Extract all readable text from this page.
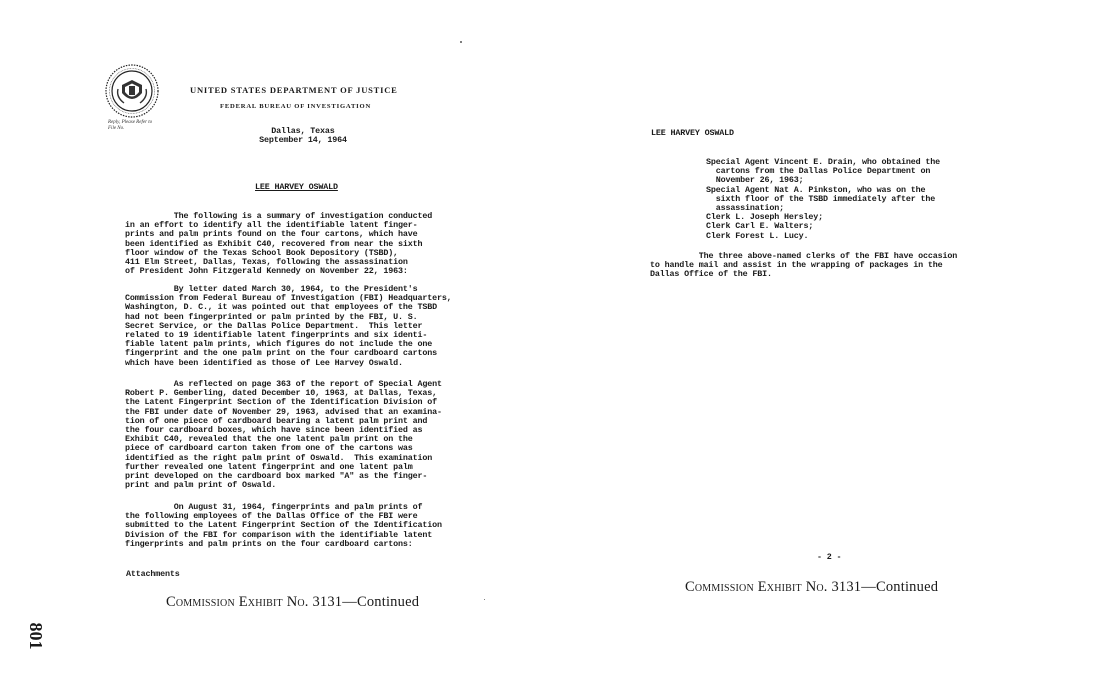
UNITED STATES DEPARTMENT OF JUSTICE
FEDERAL BUREAU OF INVESTIGATION
Reply, Please Refer to
File No.	Dallas, Texas
September 14, 1964
LEE HARVEY OSWALD
The following is a summary of investigation conducted
in an effort to identify all the identifiable latent finger-
prints and palm prints found on the four cartons, which have
been identified as Exhibit C40, recovered from near the sixth
floor window of the Texas School Book Depository (TSBD),
411 Elm Street, Dallas, Texas, following the assassination
of President John Fitzgerald Kennedy on November 22, 1963:
By letter dated March 30, 1964, to the President's
Commission from Federal Bureau of Investigation (FBI) Headquarters,
Washington, D. C., it was pointed out that employees of the TSBD
had not been fingerprinted or palm printed by the FBI, U. S.
Secret Service, or the Dallas Police Department.  This letter
related to 19 identifiable latent fingerprints and six identi-
fiable latent palm prints, which figures do not include the one
fingerprint and the one palm print on the four cardboard cartons
which have been identified as those of Lee Harvey Oswald.
As reflected on page 363 of the report of Special Agent
Robert P. Gemberling, dated December 10, 1963, at Dallas, Texas,
the Latent Fingerprint Section of the Identification Division of
the FBI under date of November 29, 1963, advised that an examina-
tion of one piece of cardboard bearing a latent palm print and
the four cardboard boxes, which have since been identified as
Exhibit C40, revealed that the one latent palm print on the
piece of cardboard carton taken from one of the cartons was
identified as the right palm print of Oswald.  This examination
further revealed one latent fingerprint and one latent palm
print developed on the cardboard box marked "A" as the finger-
print and palm print of Oswald.
On August 31, 1964, fingerprints and palm prints of
the following employees of the Dallas Office of the FBI were
submitted to the Latent Fingerprint Section of the Identification
Division of the FBI for comparison with the identifiable latent
fingerprints and palm prints on the four cardboard cartons:
Attachments
Commission Exhibit No. 3131—Continued
801
LEE HARVEY OSWALD
Special Agent Vincent E. Drain, who obtained the
cartons from the Dallas Police Department on
November 26, 1963;
Special Agent Nat A. Pinkston, who was on the
sixth floor of the TSBD immediately after the
assassination;
Clerk L. Joseph Hersley;
Clerk Carl E. Walters;
Clerk Forest L. Lucy.
The three above-named clerks of the FBI have occasion
to handle mail and assist in the wrapping of packages in the
Dallas Office of the FBI.
- 2 -
Commission Exhibit No. 3131—Continued
